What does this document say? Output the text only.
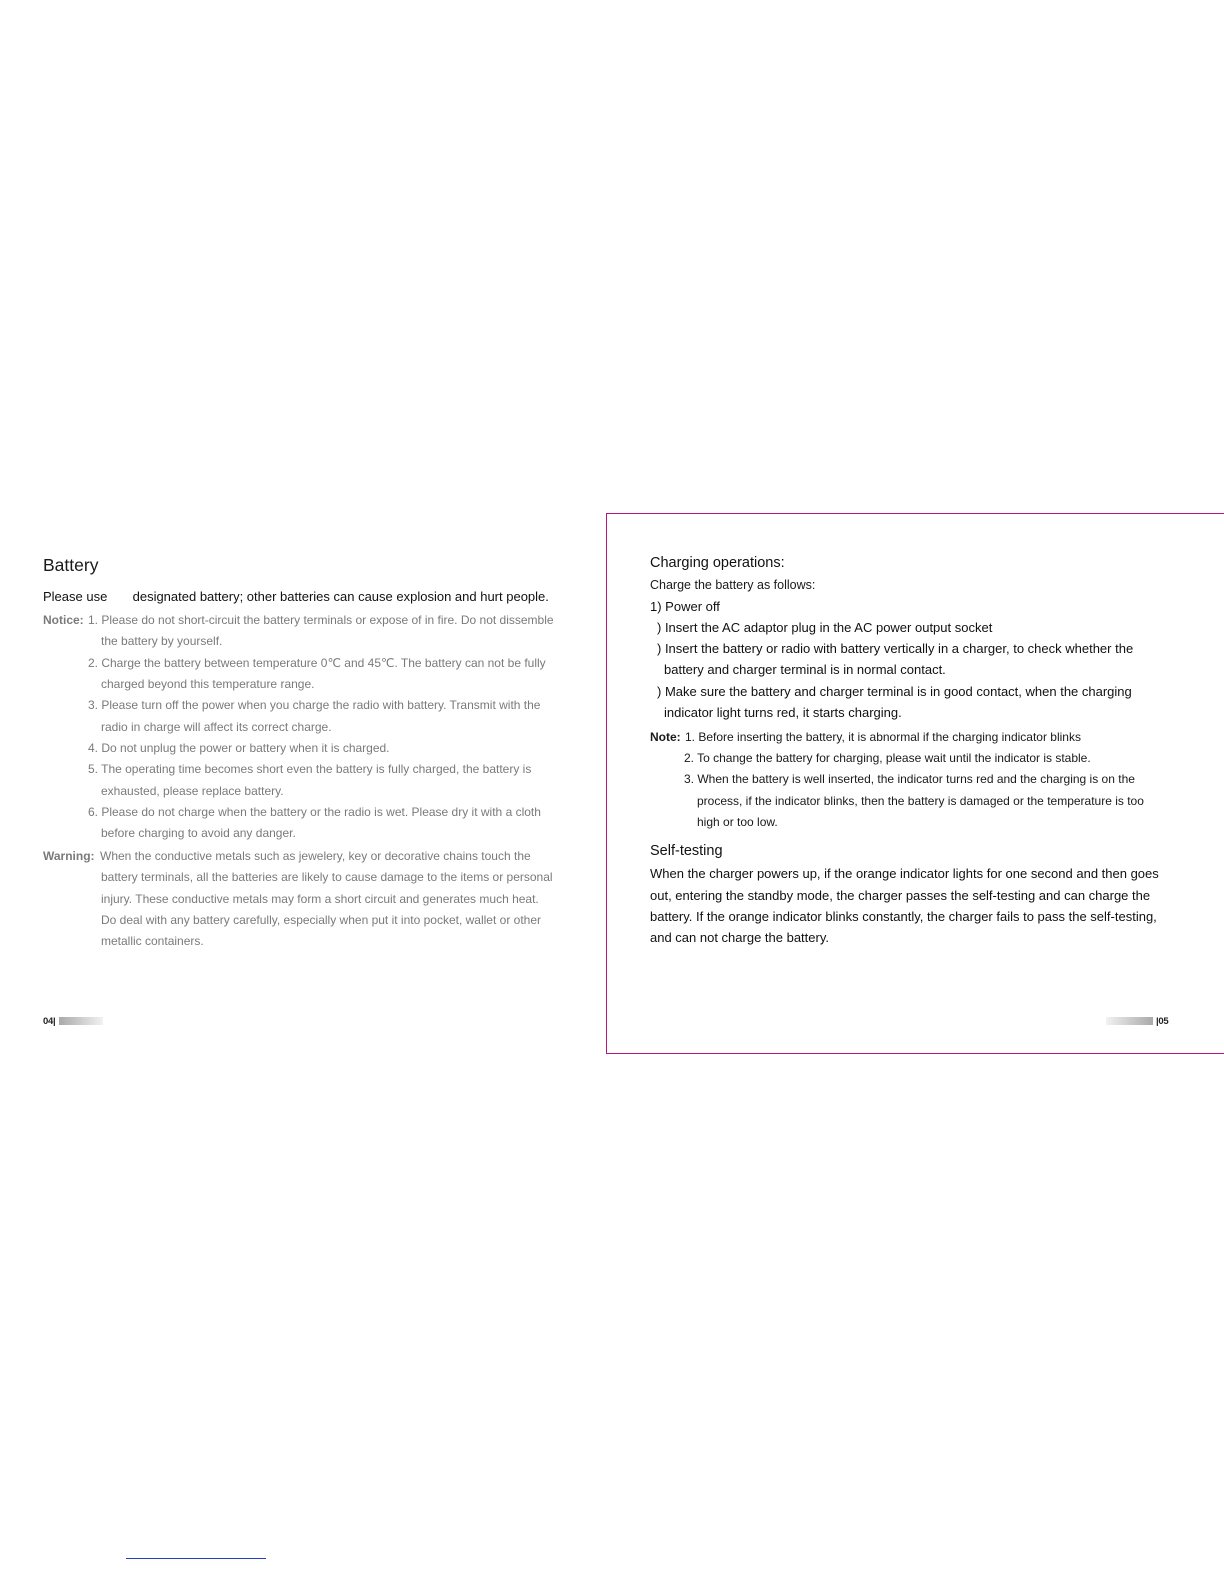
Battery
Please use       designated battery; other batteries can cause explosion and hurt people.
Notice: 1. Please do not short-circuit the battery terminals or expose of in fire. Do not dissemble
the battery by yourself.
2. Charge the battery between temperature 0℃ and 45℃. The battery can not be fully
charged beyond this temperature range.
3. Please turn off the power when you charge the radio with battery. Transmit with the
radio in charge will affect its correct charge.
4. Do not unplug the power or battery when it is charged.
5. The operating time becomes short even the battery is fully charged, the battery is
exhausted, please replace battery.
6. Please do not charge when the battery or the radio is wet. Please dry it with a cloth
before charging to avoid any danger.
Warning: When the conductive metals such as jewelery, key or decorative chains touch the
battery terminals, all the batteries are likely to cause damage to the items or personal
injury. These conductive metals may form a short circuit and generates much heat.
Do deal with any battery carefully, especially when put it into pocket, wallet or other
metallic containers.
04|
Charging operations:
Charge the battery as follows:
1) Power off
) Insert the AC adaptor plug in the AC power output socket
) Insert the battery or radio with battery vertically in a charger, to check whether the
battery and charger terminal is in normal contact.
) Make sure the battery and charger terminal is in good contact, when the charging
indicator light turns red, it starts charging.
Note: 1. Before inserting the battery, it is abnormal if the charging indicator blinks
2. To change the battery for charging, please wait until the indicator is stable.
3. When the battery is well inserted, the indicator turns red and the charging is on the
process, if the indicator blinks, then the battery is damaged or the temperature is too
high or too low.
Self-testing
When the charger powers up, if the orange indicator lights for one second and then goes
out, entering the standby mode, the charger passes the self-testing and can charge the
battery. If the orange indicator blinks constantly, the charger fails to pass the self-testing,
and can not charge the battery.
|05
